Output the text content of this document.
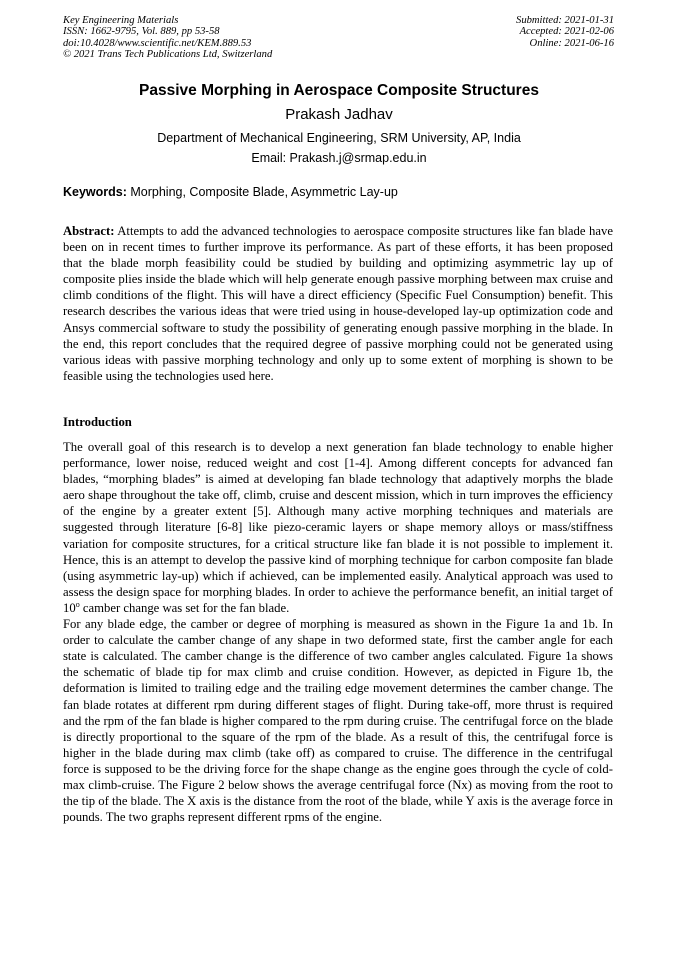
Key Engineering Materials
ISSN: 1662-9795, Vol. 889, pp 53-58
doi:10.4028/www.scientific.net/KEM.889.53
© 2021 Trans Tech Publications Ltd, Switzerland
Submitted: 2021-01-31
Accepted: 2021-02-06
Online: 2021-06-16
Passive Morphing in Aerospace Composite Structures
Prakash Jadhav
Department of Mechanical Engineering, SRM University, AP, India
Email: Prakash.j@srmap.edu.in
Keywords: Morphing, Composite Blade, Asymmetric Lay-up
Abstract: Attempts to add the advanced technologies to aerospace composite structures like fan blade have been on in recent times to further improve its performance. As part of these efforts, it has been proposed that the blade morph feasibility could be studied by building and optimizing asymmetric lay up of composite plies inside the blade which will help generate enough passive morphing between max cruise and climb conditions of the flight. This will have a direct efficiency (Specific Fuel Consumption) benefit. This research describes the various ideas that were tried using in house-developed lay-up optimization code and Ansys commercial software to study the possibility of generating enough passive morphing in the blade. In the end, this report concludes that the required degree of passive morphing could not be generated using various ideas with passive morphing technology and only up to some extent of morphing is shown to be feasible using the technologies used here.
Introduction

The overall goal of this research is to develop a next generation fan blade technology to enable higher performance, lower noise, reduced weight and cost [1-4]. Among different concepts for advanced fan blades, “morphing blades” is aimed at developing fan blade technology that adaptively morphs the blade aero shape throughout the take off, climb, cruise and descent mission, which in turn improves the efficiency of the engine by a greater extent [5]. Although many active morphing techniques and materials are suggested through literature [6-8] like piezo-ceramic layers or shape memory alloys or mass/stiffness variation for composite structures, for a critical structure like fan blade it is not possible to implement it. Hence, this is an attempt to develop the passive kind of morphing technique for carbon composite fan blade (using asymmetric lay-up) which if achieved, can be implemented easily. Analytical approach was used to assess the design space for morphing blades. In order to achieve the performance benefit, an initial target of 10$^o$ camber change was set for the fan blade.

For any blade edge, the camber or degree of morphing is measured as shown in the Figure 1a and 1b. In order to calculate the camber change of any shape in two deformed state, first the camber angle for each state is calculated. The camber change is the difference of two camber angles calculated. Figure 1a shows the schematic of blade tip for max climb and cruise condition. However, as depicted in Figure 1b, the deformation is limited to trailing edge and the trailing edge movement determines the camber change. The fan blade rotates at different rpm during different stages of flight. During take-off, more thrust is required and the rpm of the fan blade is higher compared to the rpm during cruise. The centrifugal force on the blade is directly proportional to the square of the rpm of the blade. As a result of this, the centrifugal force is higher in the blade during max climb (take off) as compared to cruise. The difference in the centrifugal force is supposed to be the driving force for the shape change as the engine goes through the cycle of cold-max climb-cruise. The Figure 2 below shows the average centrifugal force (Nx) as moving from the root to the tip of the blade. The X axis is the distance from the root of the blade, while Y axis is the average force in pounds. The two graphs represent different rpms of the engine.
